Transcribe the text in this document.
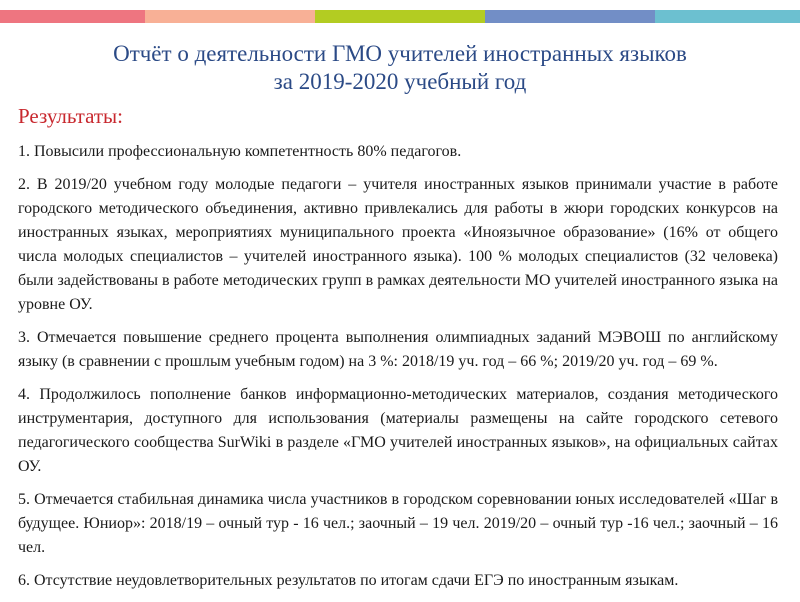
Отчёт о деятельности ГМО учителей иностранных языков
за 2019-2020 учебный год
Результаты:

1. Повысили профессиональную компетентность 80% педагогов.

2. В 2019/20 учебном году молодые педагоги – учителя иностранных языков принимали участие в работе городского методического объединения, активно привлекались для работы в жюри городских конкурсов на иностранных языках, мероприятиях муниципального проекта «Иноязычное образование» (16% от общего числа молодых специалистов – учителей иностранного языка). 100 % молодых специалистов (32 человека) были задействованы в работе методических групп в рамках деятельности МО учителей иностранного языка на уровне ОУ.

3. Отмечается повышение среднего процента выполнения олимпиадных заданий МЭВОШ по английскому языку (в сравнении с прошлым учебным годом) на 3 %: 2018/19 уч. год – 66 %; 2019/20 уч. год – 69 %.

4. Продолжилось пополнение банков информационно-методических материалов, создания методического инструментария, доступного для использования (материалы размещены на сайте городского сетевого педагогического сообщества SurWiki в разделе «ГМО учителей иностранных языков», на официальных сайтах ОУ.

5. Отмечается стабильная динамика числа участников в городском соревновании юных исследователей «Шаг в будущее. Юниор»: 2018/19 – очный тур - 16 чел.; заочный – 19 чел. 2019/20 – очный тур -16 чел.; заочный – 16 чел.

6. Отсутствие неудовлетворительных результатов по итогам сдачи ЕГЭ по иностранным языкам.
